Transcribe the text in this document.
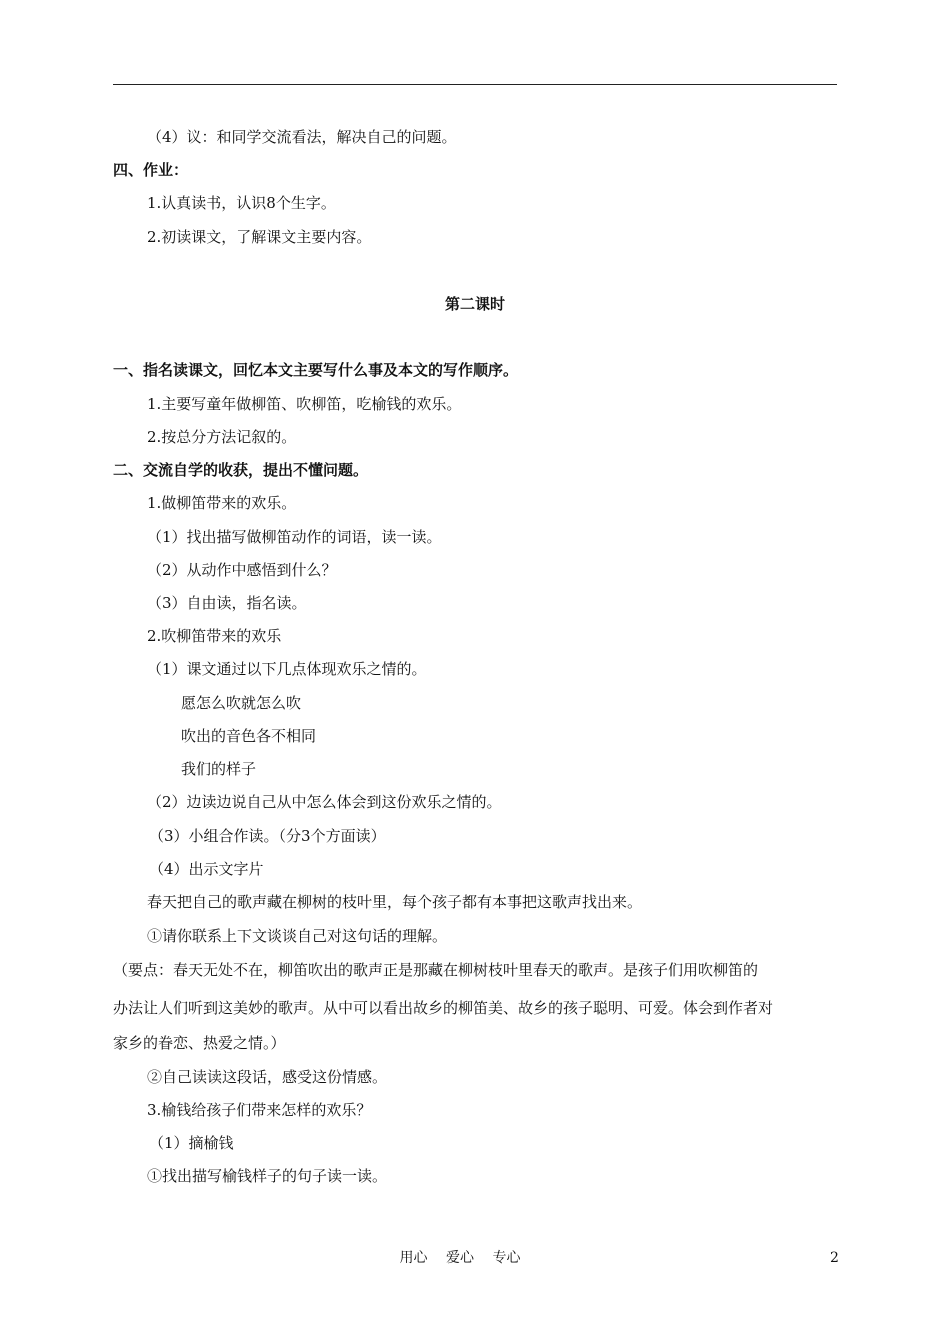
（4）议：和同学交流看法，解决自己的问题。
四、作业：
1.认真读书，认识8个生字。
2.初读课文，了解课文主要内容。
第二课时
一、指名读课文，回忆本文主要写什么事及本文的写作顺序。
1.主要写童年做柳笛、吹柳笛，吃榆钱的欢乐。
2.按总分方法记叙的。
二、交流自学的收获，提出不懂问题。
1.做柳笛带来的欢乐。
（1）找出描写做柳笛动作的词语，读一读。
（2）从动作中感悟到什么？
（3）自由读，指名读。
2.吹柳笛带来的欢乐
（1）课文通过以下几点体现欢乐之情的。
愿怎么吹就怎么吹
吹出的音色各不相同
我们的样子
（2）边读边说自己从中怎么体会到这份欢乐之情的。
（3）小组合作读。（分3个方面读）
（4）出示文字片
春天把自己的歌声藏在柳树的枝叶里，每个孩子都有本事把这歌声找出来。
①请你联系上下文谈谈自己对这句话的理解。
（要点：春天无处不在，柳笛吹出的歌声正是那藏在柳树枝叶里春天的歌声。是孩子们用吹柳笛的
办法让人们听到这美妙的歌声。从中可以看出故乡的柳笛美、故乡的孩子聪明、可爱。体会到作者对
家乡的眷恋、热爱之情。）
②自己读读这段话，感受这份情感。
3.榆钱给孩子们带来怎样的欢乐？
（1）摘榆钱
①找出描写榆钱样子的句子读一读。
用心　 爱心　 专心	2
